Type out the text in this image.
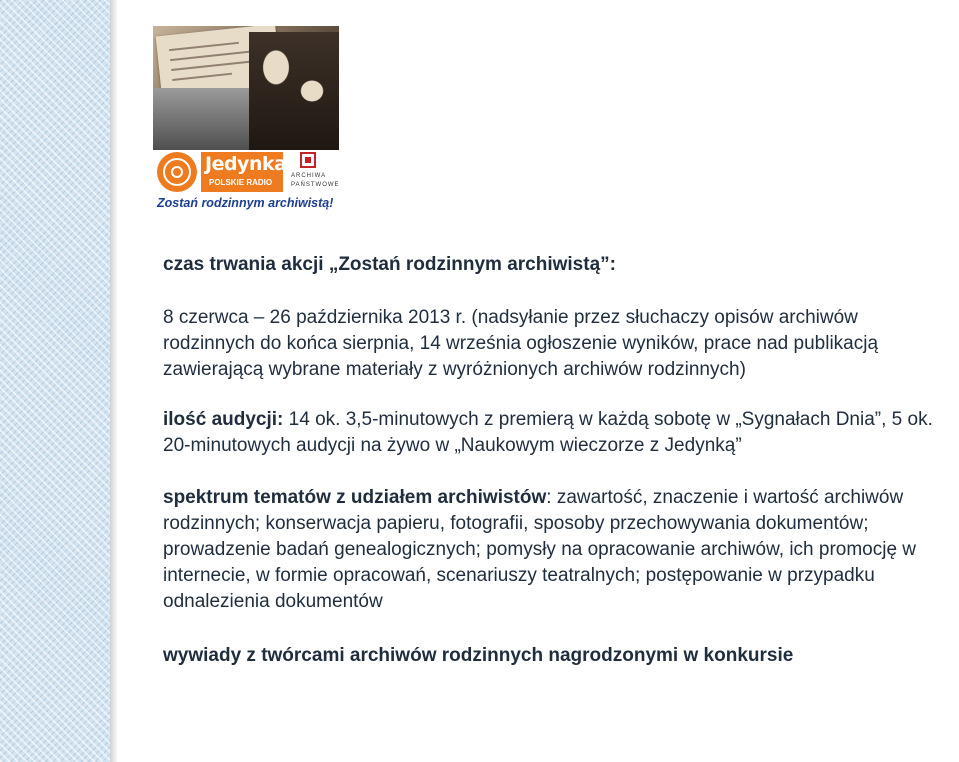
Jedynka
POLSKIE RADIO
ARCHIWA
PAŃSTWOWE
Zostań rodzinnym archiwistą!

czas trwania akcji „Zostań rodzinnym archiwistą”:

8 czerwca – 26 października 2013 r. (nadsyłanie przez słuchaczy opisów archiwów rodzinnych do końca sierpnia, 14 września ogłoszenie wyników, prace nad publikacją zawierającą wybrane materiały z wyróżnionych archiwów rodzinnych)

ilość audycji: 14 ok. 3,5-minutowych z premierą w każdą sobotę w „Sygnałach Dnia”, 5 ok. 20-minutowych audycji na żywo w „Naukowym wieczorze z Jedynką”

spektrum tematów z udziałem archiwistów: zawartość, znaczenie i wartość archiwów rodzinnych; konserwacja papieru, fotografii, sposoby przechowywania dokumentów; prowadzenie badań genealogicznych; pomysły na opracowanie archiwów, ich promocję w internecie, w formie opracowań, scenariuszy teatralnych; postępowanie w przypadku odnalezienia dokumentów

wywiady z twórcami archiwów rodzinnych nagrodzonymi w konkursie
